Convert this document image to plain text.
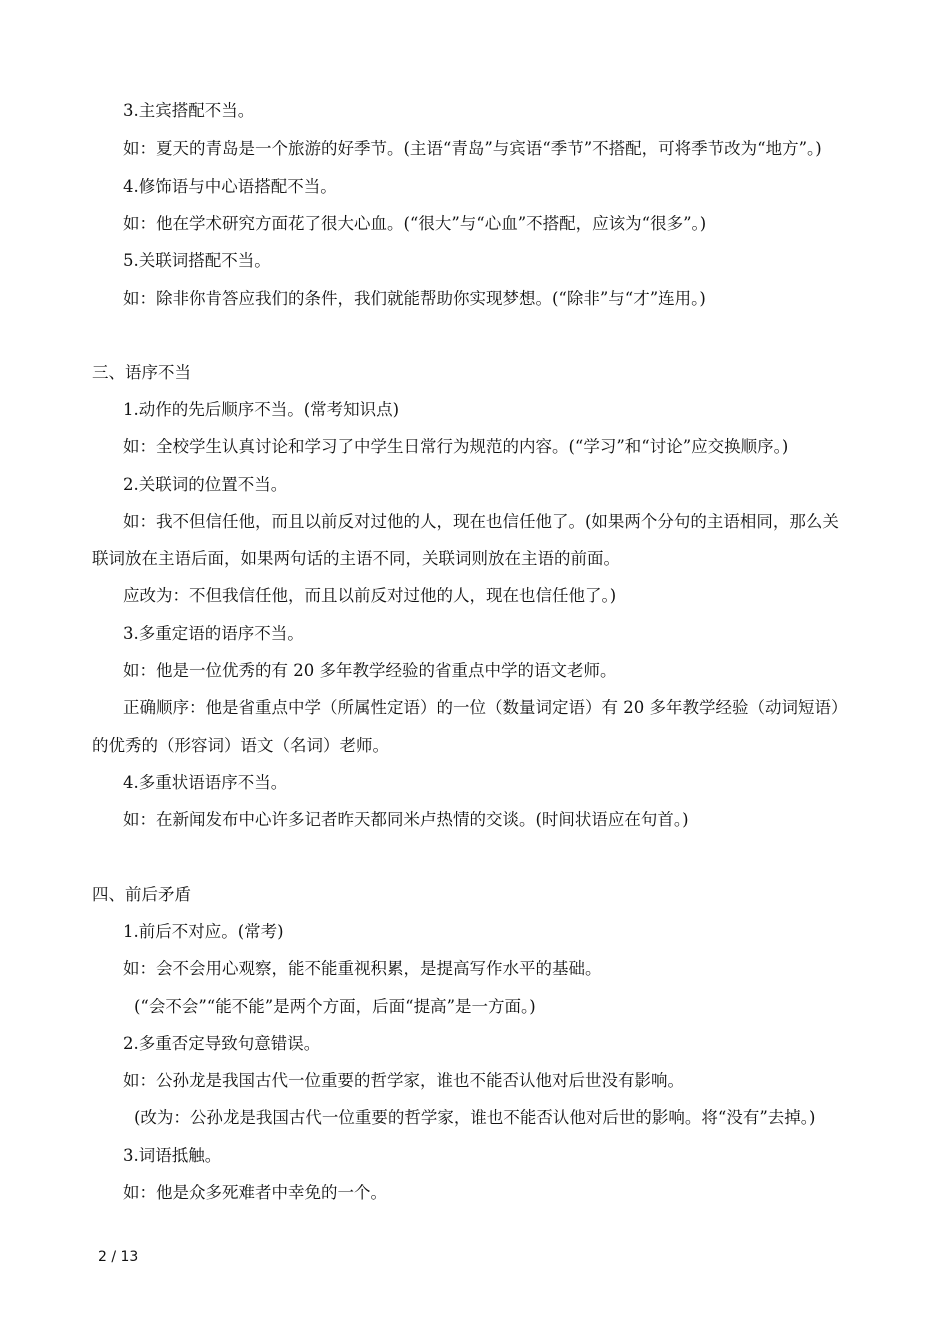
3.主宾搭配不当。
如：夏天的青岛是一个旅游的好季节。(主语“青岛”与宾语“季节”不搭配，可将季节改为“地方”。)
4.修饰语与中心语搭配不当。
如：他在学术研究方面花了很大心血。(“很大”与“心血”不搭配，应该为“很多”。)
5.关联词搭配不当。
如：除非你肯答应我们的条件，我们就能帮助你实现梦想。(“除非”与“才”连用。)
三、语序不当
1.动作的先后顺序不当。(常考知识点)
如：全校学生认真讨论和学习了中学生日常行为规范的内容。(“学习”和“讨论”应交换顺序。)
2.关联词的位置不当。
如：我不但信任他，而且以前反对过他的人，现在也信任他了。(如果两个分句的主语相同，那么关
联词放在主语后面，如果两句话的主语不同，关联词则放在主语的前面。
应改为：不但我信任他，而且以前反对过他的人，现在也信任他了。)
3.多重定语的语序不当。
如：他是一位优秀的有 20 多年教学经验的省重点中学的语文老师。
正确顺序：他是省重点中学（所属性定语）的一位（数量词定语）有 20 多年教学经验（动词短语）
的优秀的（形容词）语文（名词）老师。
4.多重状语语序不当。
如：在新闻发布中心许多记者昨天都同米卢热情的交谈。(时间状语应在句首。)
四、前后矛盾
1.前后不对应。(常考)
如：会不会用心观察，能不能重视积累，是提高写作水平的基础。
(“会不会”“能不能”是两个方面，后面“提高”是一方面。)
2.多重否定导致句意错误。
如：公孙龙是我国古代一位重要的哲学家，谁也不能否认他对后世没有影响。
(改为：公孙龙是我国古代一位重要的哲学家，谁也不能否认他对后世的影响。将“没有”去掉。)
3.词语抵触。
如：他是众多死难者中幸免的一个。
2 / 13
